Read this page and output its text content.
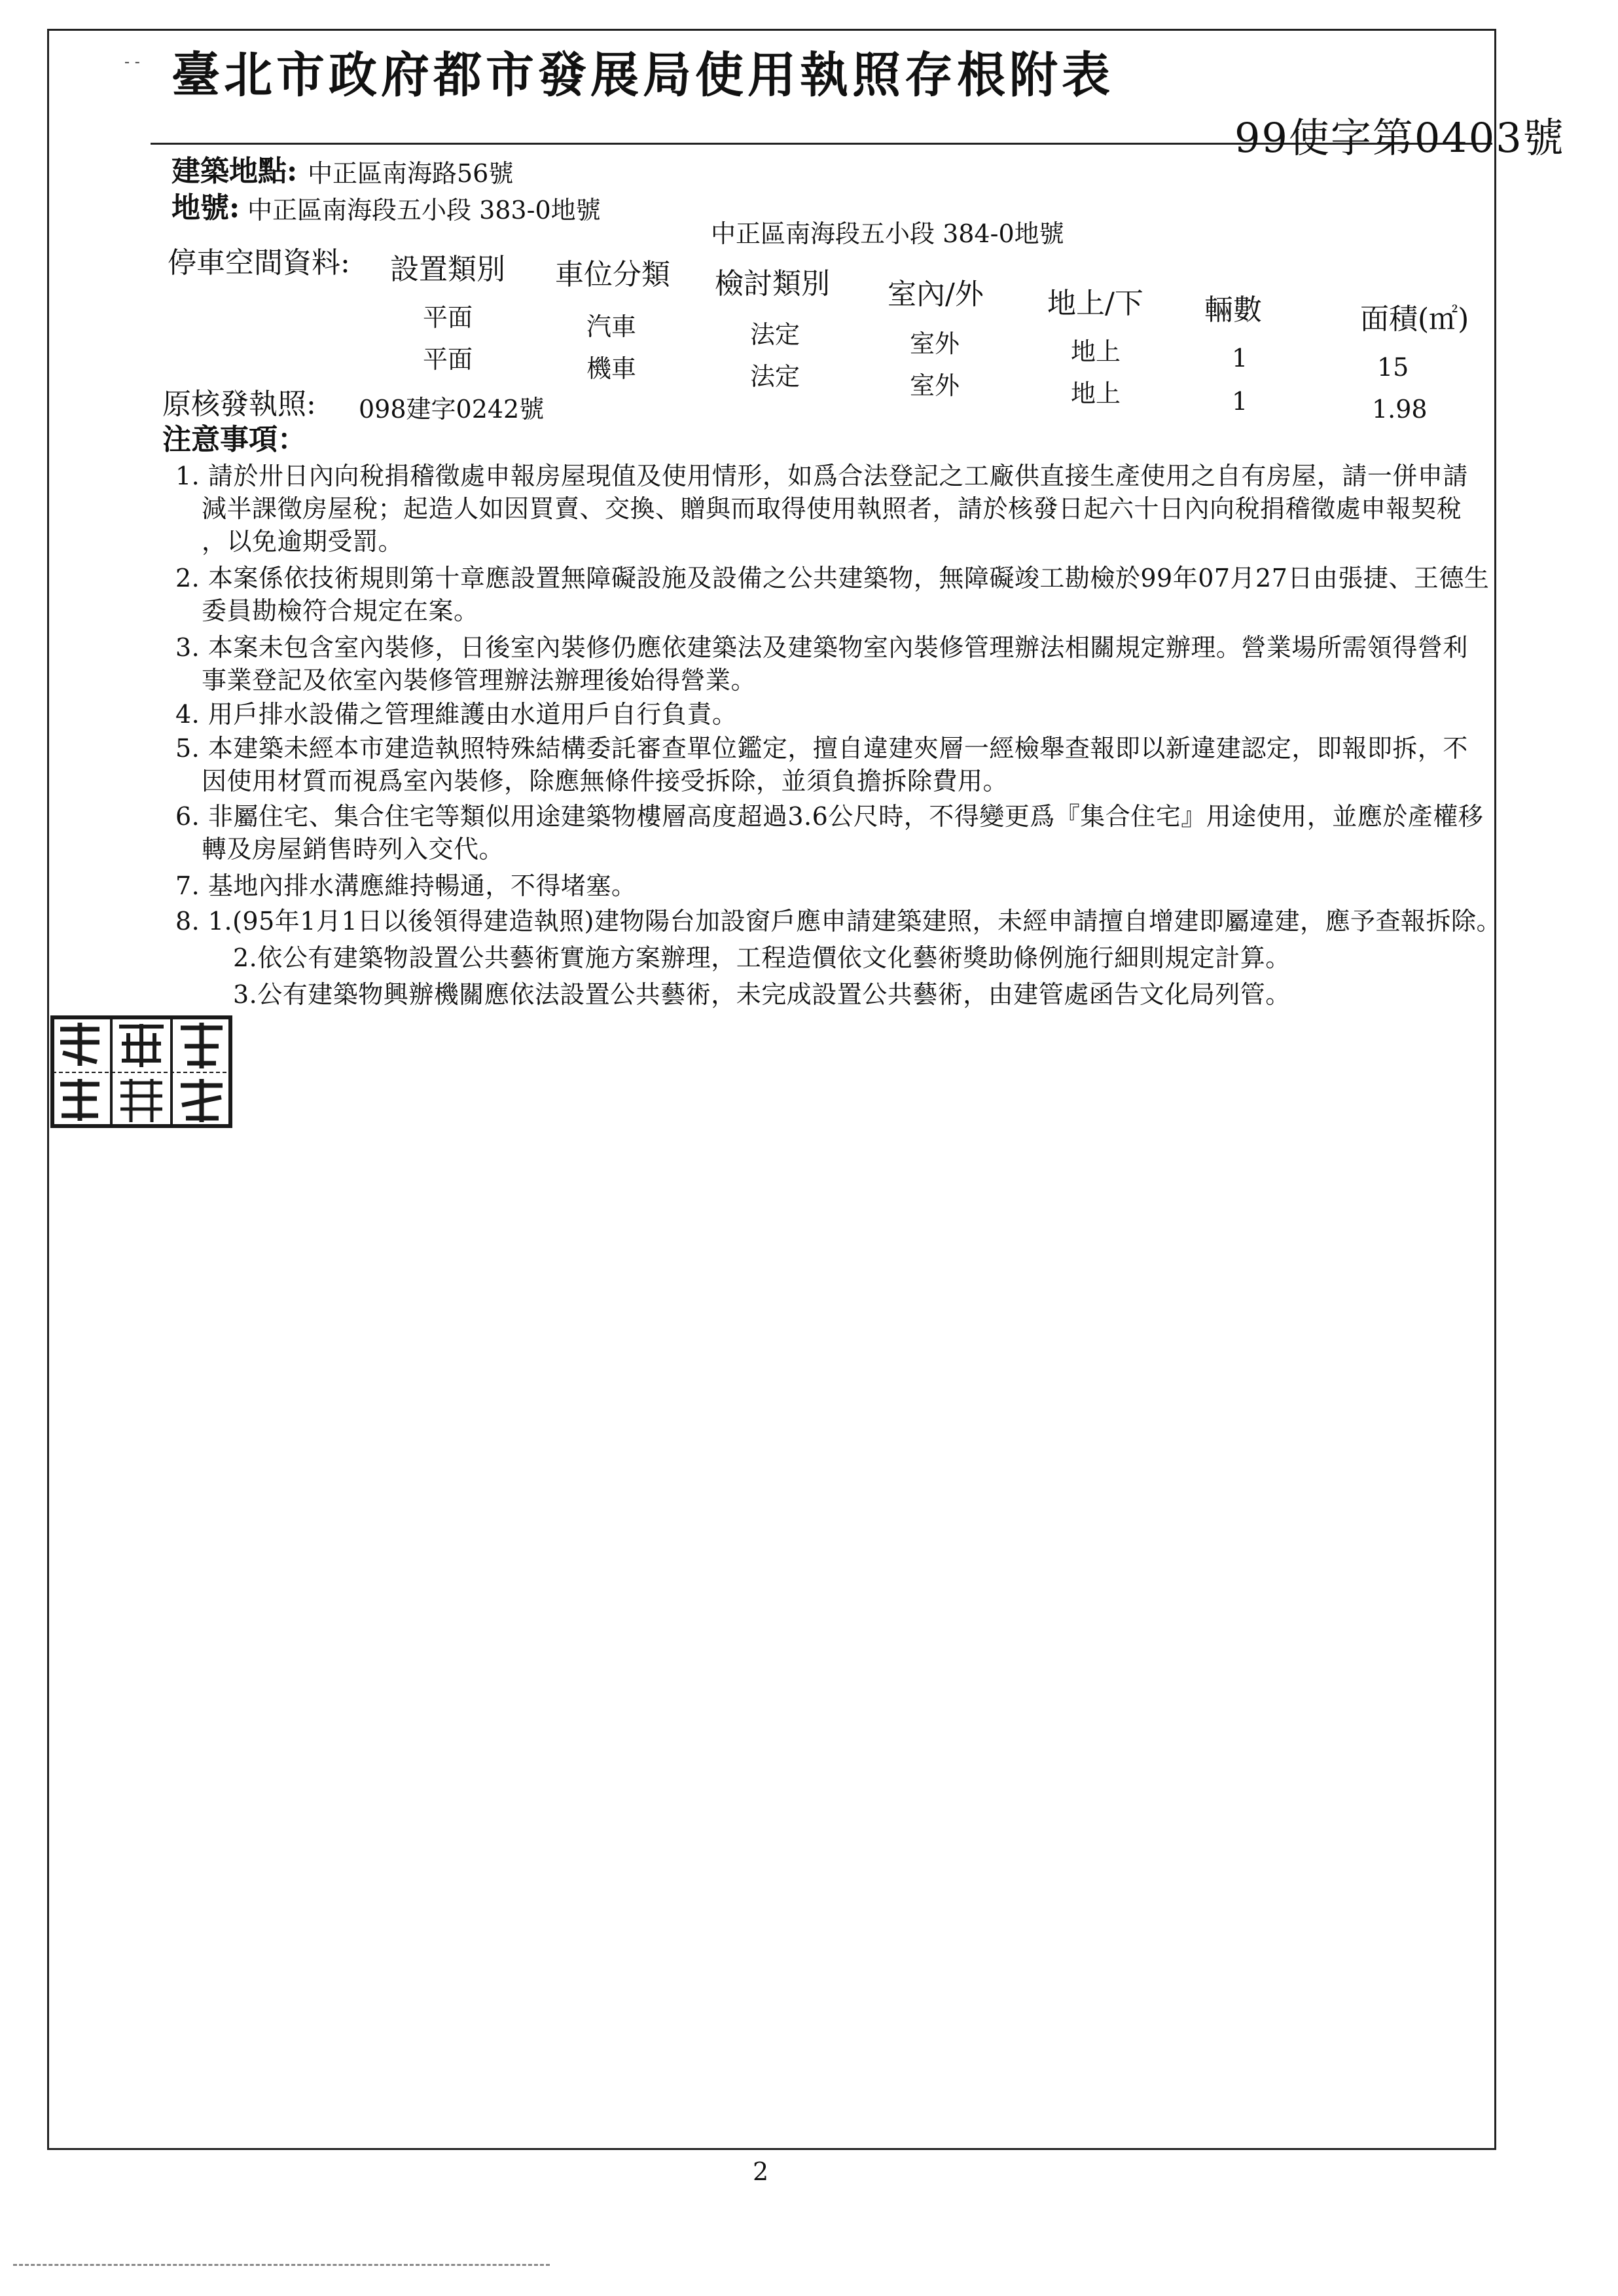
- - 臺北市政府都市發展局使用執照存根附表
99使字第0403號
建築地點: 中正區南海路56號
地號: 中正區南海段五小段 383-0地號
中正區南海段五小段 384-0地號
停車空間資料: 設置類別 車位分類 檢討類別 室內/外 地上/下 輛數	面積(㎡)
平面	汽車	法定	室外	地上	1	15
平面	機車	法定	室外	地上	1	1.98
原核發執照: 098建字0242號
注意事項：
1. 請於卅日內向稅捐稽徵處申報房屋現值及使用情形，如爲合法登記之工廠供直接生產使用之自有房屋，請一併申請
減半課徵房屋稅；起造人如因買賣、交換、贈與而取得使用執照者，請於核發日起六十日內向稅捐稽徵處申報契稅
，以免逾期受罰。
2. 本案係依技術規則第十章應設置無障礙設施及設備之公共建築物，無障礙竣工勘檢於99年07月27日由張捷、王德生
委員勘檢符合規定在案。
3. 本案未包含室內裝修，日後室內裝修仍應依建築法及建築物室內裝修管理辦法相關規定辦理。營業場所需領得營利
事業登記及依室內裝修管理辦法辦理後始得營業。
4. 用戶排水設備之管理維護由水道用戶自行負責。
5. 本建築未經本市建造執照特殊結構委託審查單位鑑定，擅自違建夾層一經檢舉查報即以新違建認定，即報即拆，不
因使用材質而視爲室內裝修，除應無條件接受拆除，並須負擔拆除費用。
6. 非屬住宅、集合住宅等類似用途建築物樓層高度超過3.6公尺時，不得變更爲『集合住宅』用途使用，並應於產權移
轉及房屋銷售時列入交代。
7. 基地內排水溝應維持暢通，不得堵塞。
8. 1.(95年1月1日以後領得建造執照)建物陽台加設窗戶應申請建築建照，未經申請擅自增建即屬違建，應予查報拆除。
2.依公有建築物設置公共藝術實施方案辦理，工程造價依文化藝術獎助條例施行細則規定計算。
3.公有建築物興辦機關應依法設置公共藝術，未完成設置公共藝術，由建管處函告文化局列管。
2
